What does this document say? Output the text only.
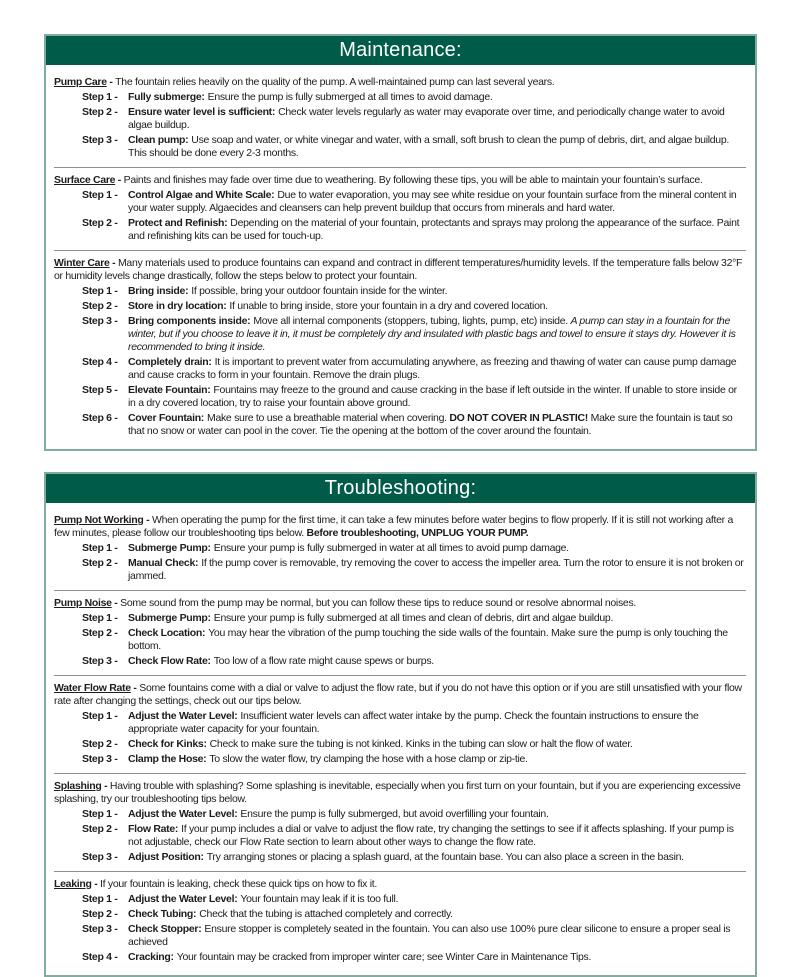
Maintenance:

Pump Care - The fountain relies heavily on the quality of the pump. A well-maintained pump can last several years.

Step 1 - Fully submerge: Ensure the pump is fully submerged at all times to avoid damage.
Step 2 - Ensure water level is sufficient: Check water levels regularly as water may evaporate over time, and periodically change water to avoid algae buildup.
Step 3 - Clean pump: Use soap and water, or white vinegar and water, with a small, soft brush to clean the pump of debris, dirt, and algae buildup. This should be done every 2-3 months.

Surface Care - Paints and finishes may fade over time due to weathering. By following these tips, you will be able to maintain your fountain’s surface.

Step 1 - Control Algae and White Scale: Due to water evaporation, you may see white residue on your fountain surface from the mineral content in your water supply. Algaecides and cleansers can help prevent buildup that occurs from minerals and hard water.
Step 2 - Protect and Refinish: Depending on the material of your fountain, protectants and sprays may prolong the appearance of the surface. Paint and refinishing kits can be used for touch-up.

Winter Care - Many materials used to produce fountains can expand and contract in different temperatures/humidity levels. If the temperature falls below 32°F or humidity levels change drastically, follow the steps below to protect your fountain.

Step 1 - Bring inside: If possible, bring your outdoor fountain inside for the winter.
Step 2 - Store in dry location: If unable to bring inside, store your fountain in a dry and covered location.
Step 3 - Bring components inside: Move all internal components (stoppers, tubing, lights, pump, etc) inside. A pump can stay in a fountain for the winter, but if you choose to leave it in, it must be completely dry and insulated with plastic bags and towel to ensure it stays dry. However it is recommended to bring it inside.
Step 4 - Completely drain: It is important to prevent water from accumulating anywhere, as freezing and thawing of water can cause pump damage and cause cracks to form in your fountain. Remove the drain plugs.
Step 5 - Elevate Fountain: Fountains may freeze to the ground and cause cracking in the base if left outside in the winter. If unable to store inside or in a dry covered location, try to raise your fountain above ground.
Step 6 - Cover Fountain: Make sure to use a breathable material when covering. DO NOT COVER IN PLASTIC! Make sure the fountain is taut so that no snow or water can pool in the cover. Tie the opening at the bottom of the cover around the fountain.
Troubleshooting:

Pump Not Working - When operating the pump for the first time, it can take a few minutes before water begins to flow properly. If it is still not working after a few minutes, please follow our troubleshooting tips below. Before troubleshooting, UNPLUG YOUR PUMP.

Step 1 - Submerge Pump: Ensure your pump is fully submerged in water at all times to avoid pump damage.
Step 2 - Manual Check: If the pump cover is removable, try removing the cover to access the impeller area. Turn the rotor to ensure it is not broken or jammed.

Pump Noise - Some sound from the pump may be normal, but you can follow these tips to reduce sound or resolve abnormal noises.

Step 1 - Submerge Pump: Ensure your pump is fully submerged at all times and clean of debris, dirt and algae buildup.
Step 2 - Check Location: You may hear the vibration of the pump touching the side walls of the fountain. Make sure the pump is only touching the bottom.
Step 3 - Check Flow Rate: Too low of a flow rate might cause spews or burps.

Water Flow Rate - Some fountains come with a dial or valve to adjust the flow rate, but if you do not have this option or if you are still unsatisfied with your flow rate after changing the settings, check out our tips below.

Step 1 - Adjust the Water Level: Insufficient water levels can affect water intake by the pump. Check the fountain instructions to ensure the appropriate water capacity for your fountain.
Step 2 - Check for Kinks: Check to make sure the tubing is not kinked. Kinks in the tubing can slow or halt the flow of water.
Step 3 - Clamp the Hose: To slow the water flow, try clamping the hose with a hose clamp or zip-tie.

Splashing - Having trouble with splashing? Some splashing is inevitable, especially when you first turn on your fountain, but if you are experiencing excessive splashing, try our troubleshooting tips below.

Step 1 - Adjust the Water Level: Ensure the pump is fully submerged, but avoid overfilling your fountain.
Step 2 - Flow Rate: If your pump includes a dial or valve to adjust the flow rate, try changing the settings to see if it affects splashing. If your pump is not adjustable, check our Flow Rate section to learn about other ways to change the flow rate.
Step 3 - Adjust Position: Try arranging stones or placing a splash guard, at the fountain base. You can also place a screen in the basin.

Leaking - If your fountain is leaking, check these quick tips on how to fix it.

Step 1 - Adjust the Water Level: Your fountain may leak if it is too full.
Step 2 - Check Tubing: Check that the tubing is attached completely and correctly.
Step 3 - Check Stopper: Ensure stopper is completely seated in the fountain. You can also use 100% pure clear silicone to ensure a proper seal is achieved
Step 4 - Cracking: Your fountain may be cracked from improper winter care; see Winter Care in Maintenance Tips.
